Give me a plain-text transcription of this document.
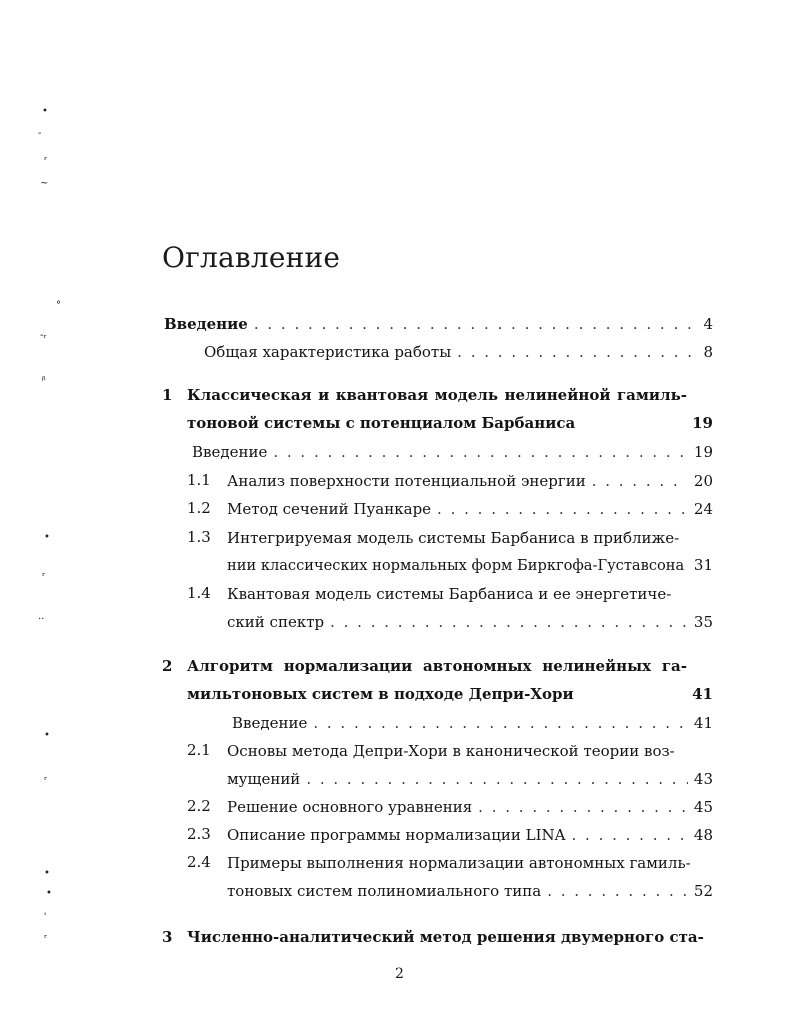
•
-
ᵣ
~
°
-ᵣ
ᵦ
•
ᵣ
··
•
ᵣ
•
•
ʾ
ᵣ
Оглавление
Введение . . .	4
Общая характеристика работы . . .	8
1 Классическая и квантовая модель нелинейной гамиль-
тоновой системы с потенциалом Барбаниса	19
Введение . . .	19
1.1 Анализ поверхности потенциальной энергии . . .	20
1.2 Метод сечений Пуанкаре . . .	24
1.3 Интегрируемая модель системы Барбаниса в приближе-
нии классических нормальных форм Биркгофа-Густавсона 31
1.4 Квантовая модель системы Барбаниса и ее энергетиче-
ский спектр . . .	35
2 Алгоритм нормализации автономных нелинейных га-
мильтоновых систем в подходе Депри-Хори	41
Введение . . .	41
2.1 Основы метода Депри-Хори в канонической теории воз-
мущений . . .	43
2.2 Решение основного уравнения . . .	45
2.3 Описание программы нормализации LINA . . .	48
2.4 Примеры выполнения нормализации автономных гамиль-
тоновых систем полиномиального типа . . .	52
3 Численно-аналитический метод решения двумерного ста-
2
